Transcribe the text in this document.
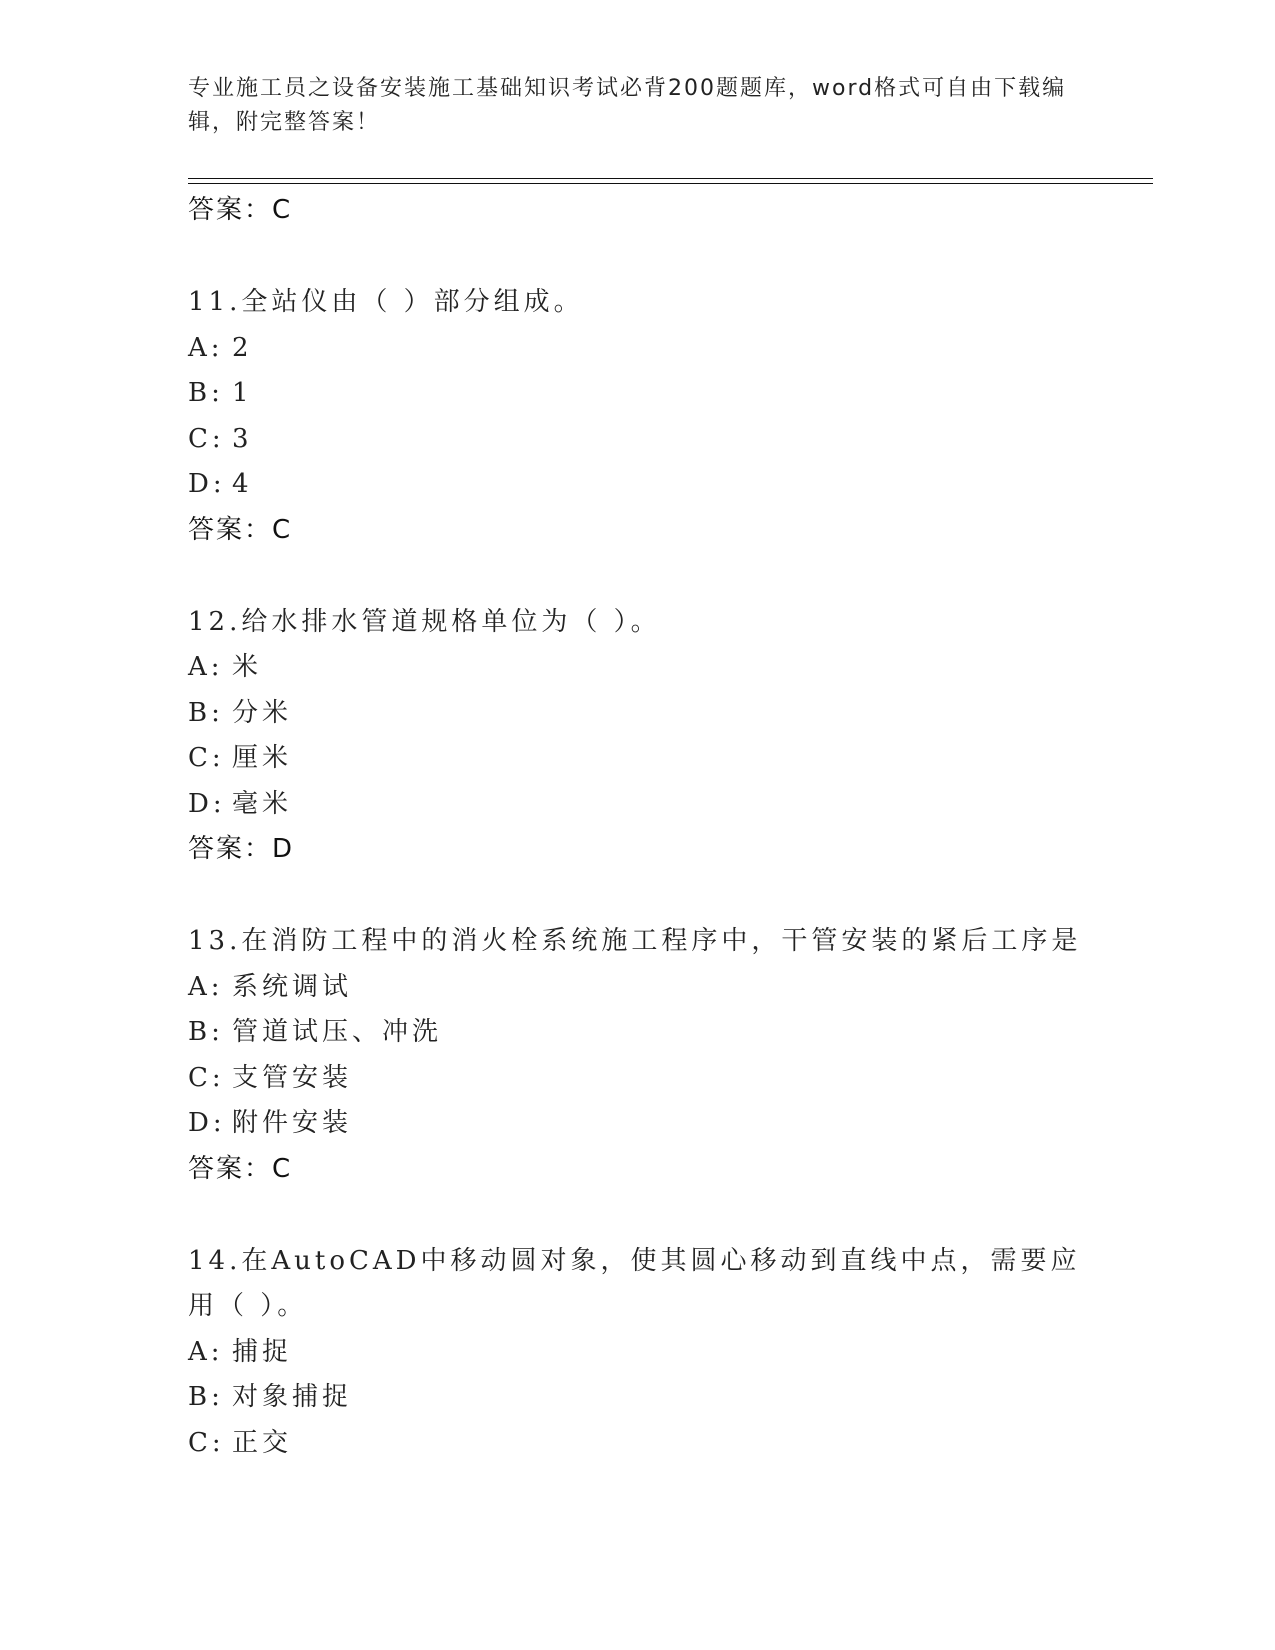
专业施工员之设备安装施工基础知识考试必背200题题库，word格式可自由下载编辑，附完整答案！
答案：C
11.全站仪由（ ）部分组成。
A: 2
B: 1
C: 3
D: 4
答案：C
12.给水排水管道规格单位为（ ）。
A: 米
B: 分米
C: 厘米
D: 毫米
答案：D
13.在消防工程中的消火栓系统施工程序中，干管安装的紧后工序是
A: 系统调试
B: 管道试压、冲洗
C: 支管安装
D: 附件安装
答案：C
14.在AutoCAD中移动圆对象，使其圆心移动到直线中点，需要应用（ ）。
A: 捕捉
B: 对象捕捉
C: 正交
